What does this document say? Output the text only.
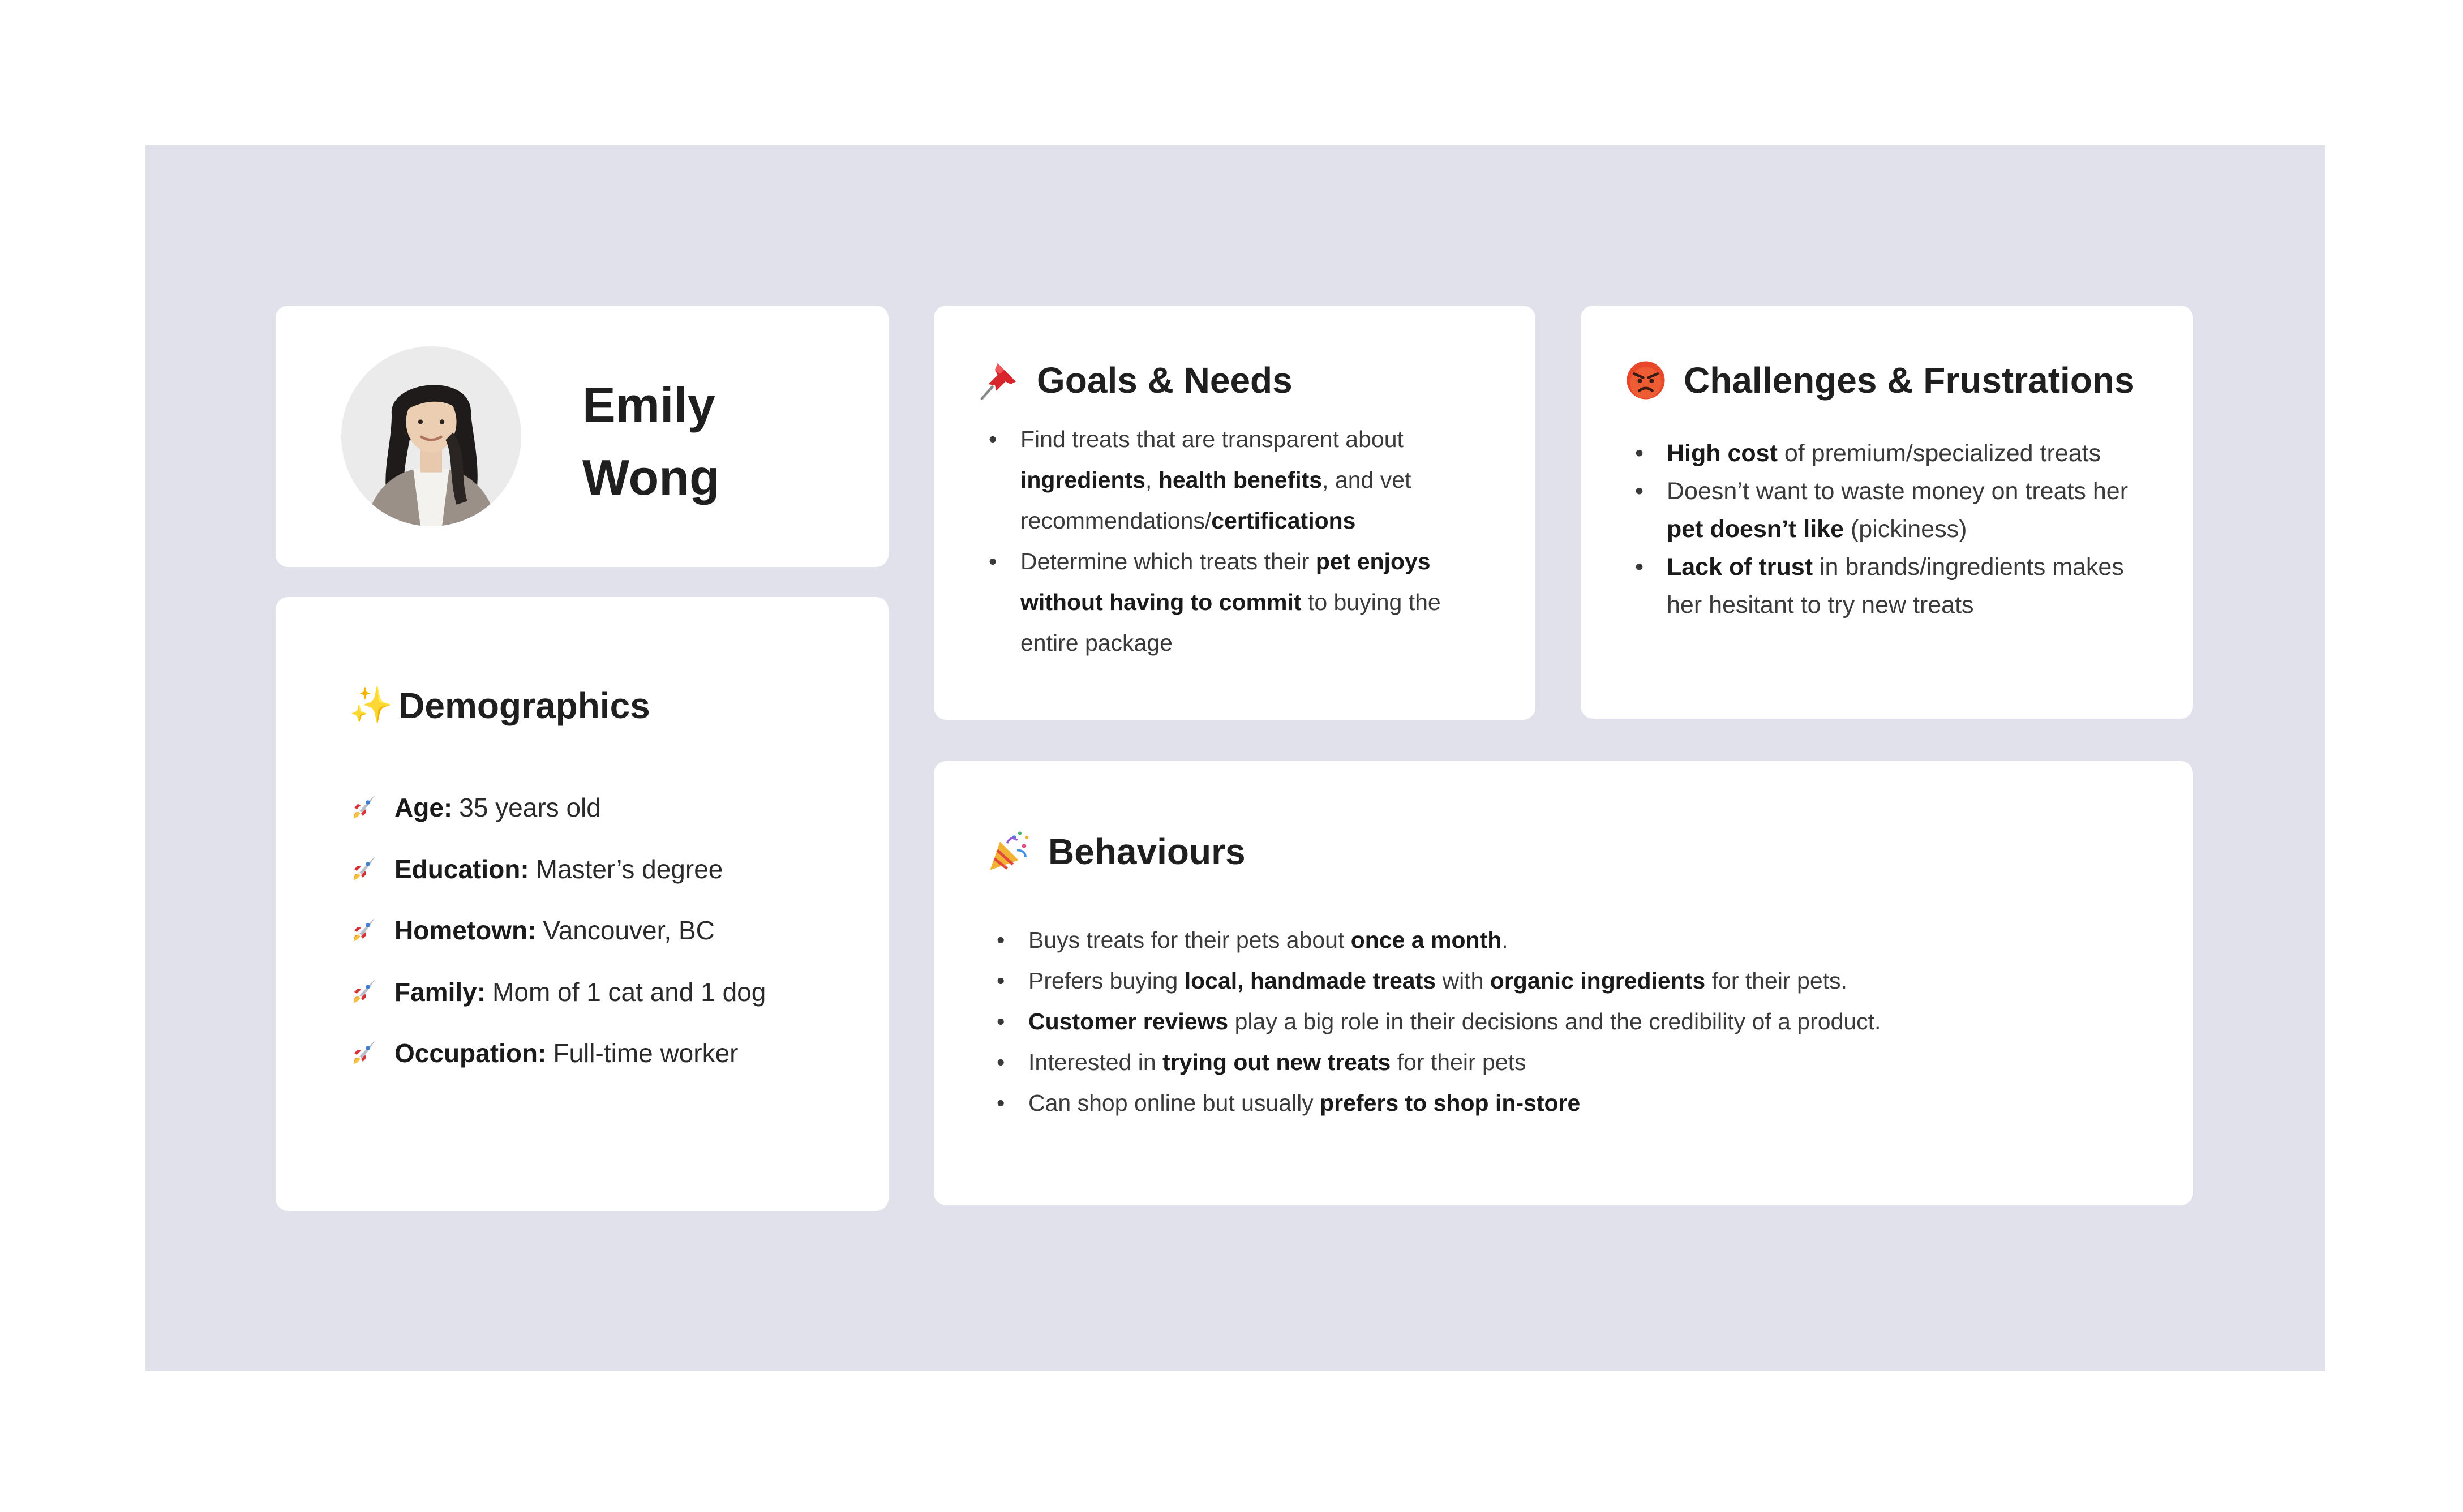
Emily
Wong
✨ Demographics
Age: 35 years old
Education: Master’s degree
Hometown: Vancouver, BC
Family: Mom of 1 cat and 1 dog
Occupation: Full-time worker
Goals & Needs
• Find treats that are transparent about ingredients, health benefits, and vet recommendations/certifications
• Determine which treats their pet enjoys without having to commit to buying the entire package
Challenges & Frustrations
• High cost of premium/specialized treats
• Doesn’t want to waste money on treats her pet doesn’t like (pickiness)
• Lack of trust in brands/ingredients makes her hesitant to try new treats
Behaviours
• Buys treats for their pets about once a month.
• Prefers buying local, handmade treats with organic ingredients for their pets.
• Customer reviews play a big role in their decisions and the credibility of a product.
• Interested in trying out new treats for their pets
• Can shop online but usually prefers to shop in-store
